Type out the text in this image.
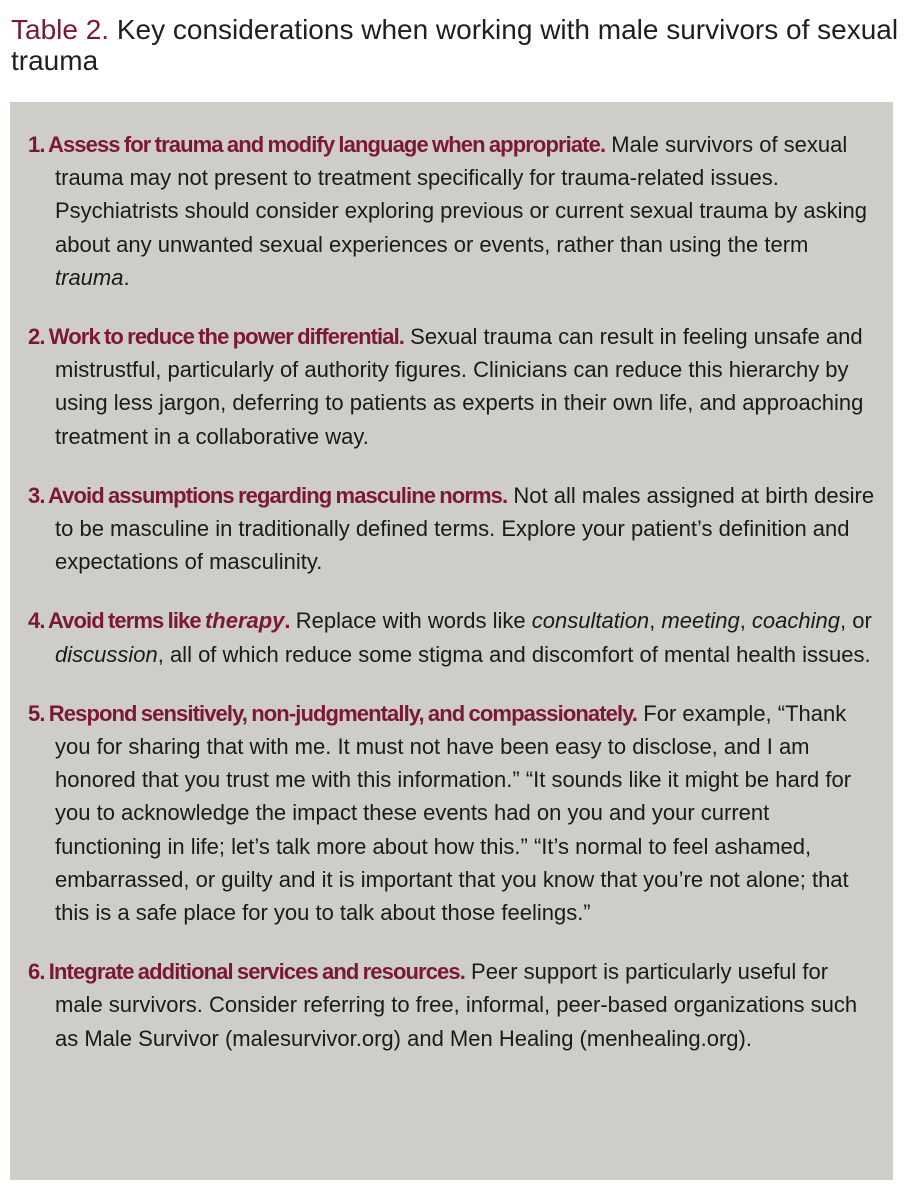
Table 2. Key considerations when working with male survivors of sexual trauma
1. Assess for trauma and modify language when appropriate. Male survivors of sexual trauma may not present to treatment specifically for trauma-related issues. Psychiatrists should consider exploring previous or current sexual trauma by asking about any unwanted sexual experiences or events, rather than using the term trauma.
2. Work to reduce the power differential. Sexual trauma can result in feeling unsafe and mistrustful, particularly of authority figures. Clinicians can reduce this hierarchy by using less jargon, deferring to patients as experts in their own life, and approaching treatment in a collaborative way.
3. Avoid assumptions regarding masculine norms. Not all males assigned at birth desire to be masculine in traditionally defined terms. Explore your patient’s definition and expectations of masculinity.
4. Avoid terms like therapy. Replace with words like consultation, meeting, coaching, or discussion, all of which reduce some stigma and discomfort of mental health issues.
5. Respond sensitively, non-judgmentally, and compassionately. For example, “Thank you for sharing that with me. It must not have been easy to disclose, and I am honored that you trust me with this information.” “It sounds like it might be hard for you to acknowledge the impact these events had on you and your current functioning in life; let’s talk more about how this.” “It’s normal to feel ashamed, embarrassed, or guilty and it is important that you know that you’re not alone; that this is a safe place for you to talk about those feelings.”
6. Integrate additional services and resources. Peer support is particularly useful for male survivors. Consider referring to free, informal, peer-based organizations such as Male Survivor (malesurvivor.org) and Men Healing (menhealing.org).
